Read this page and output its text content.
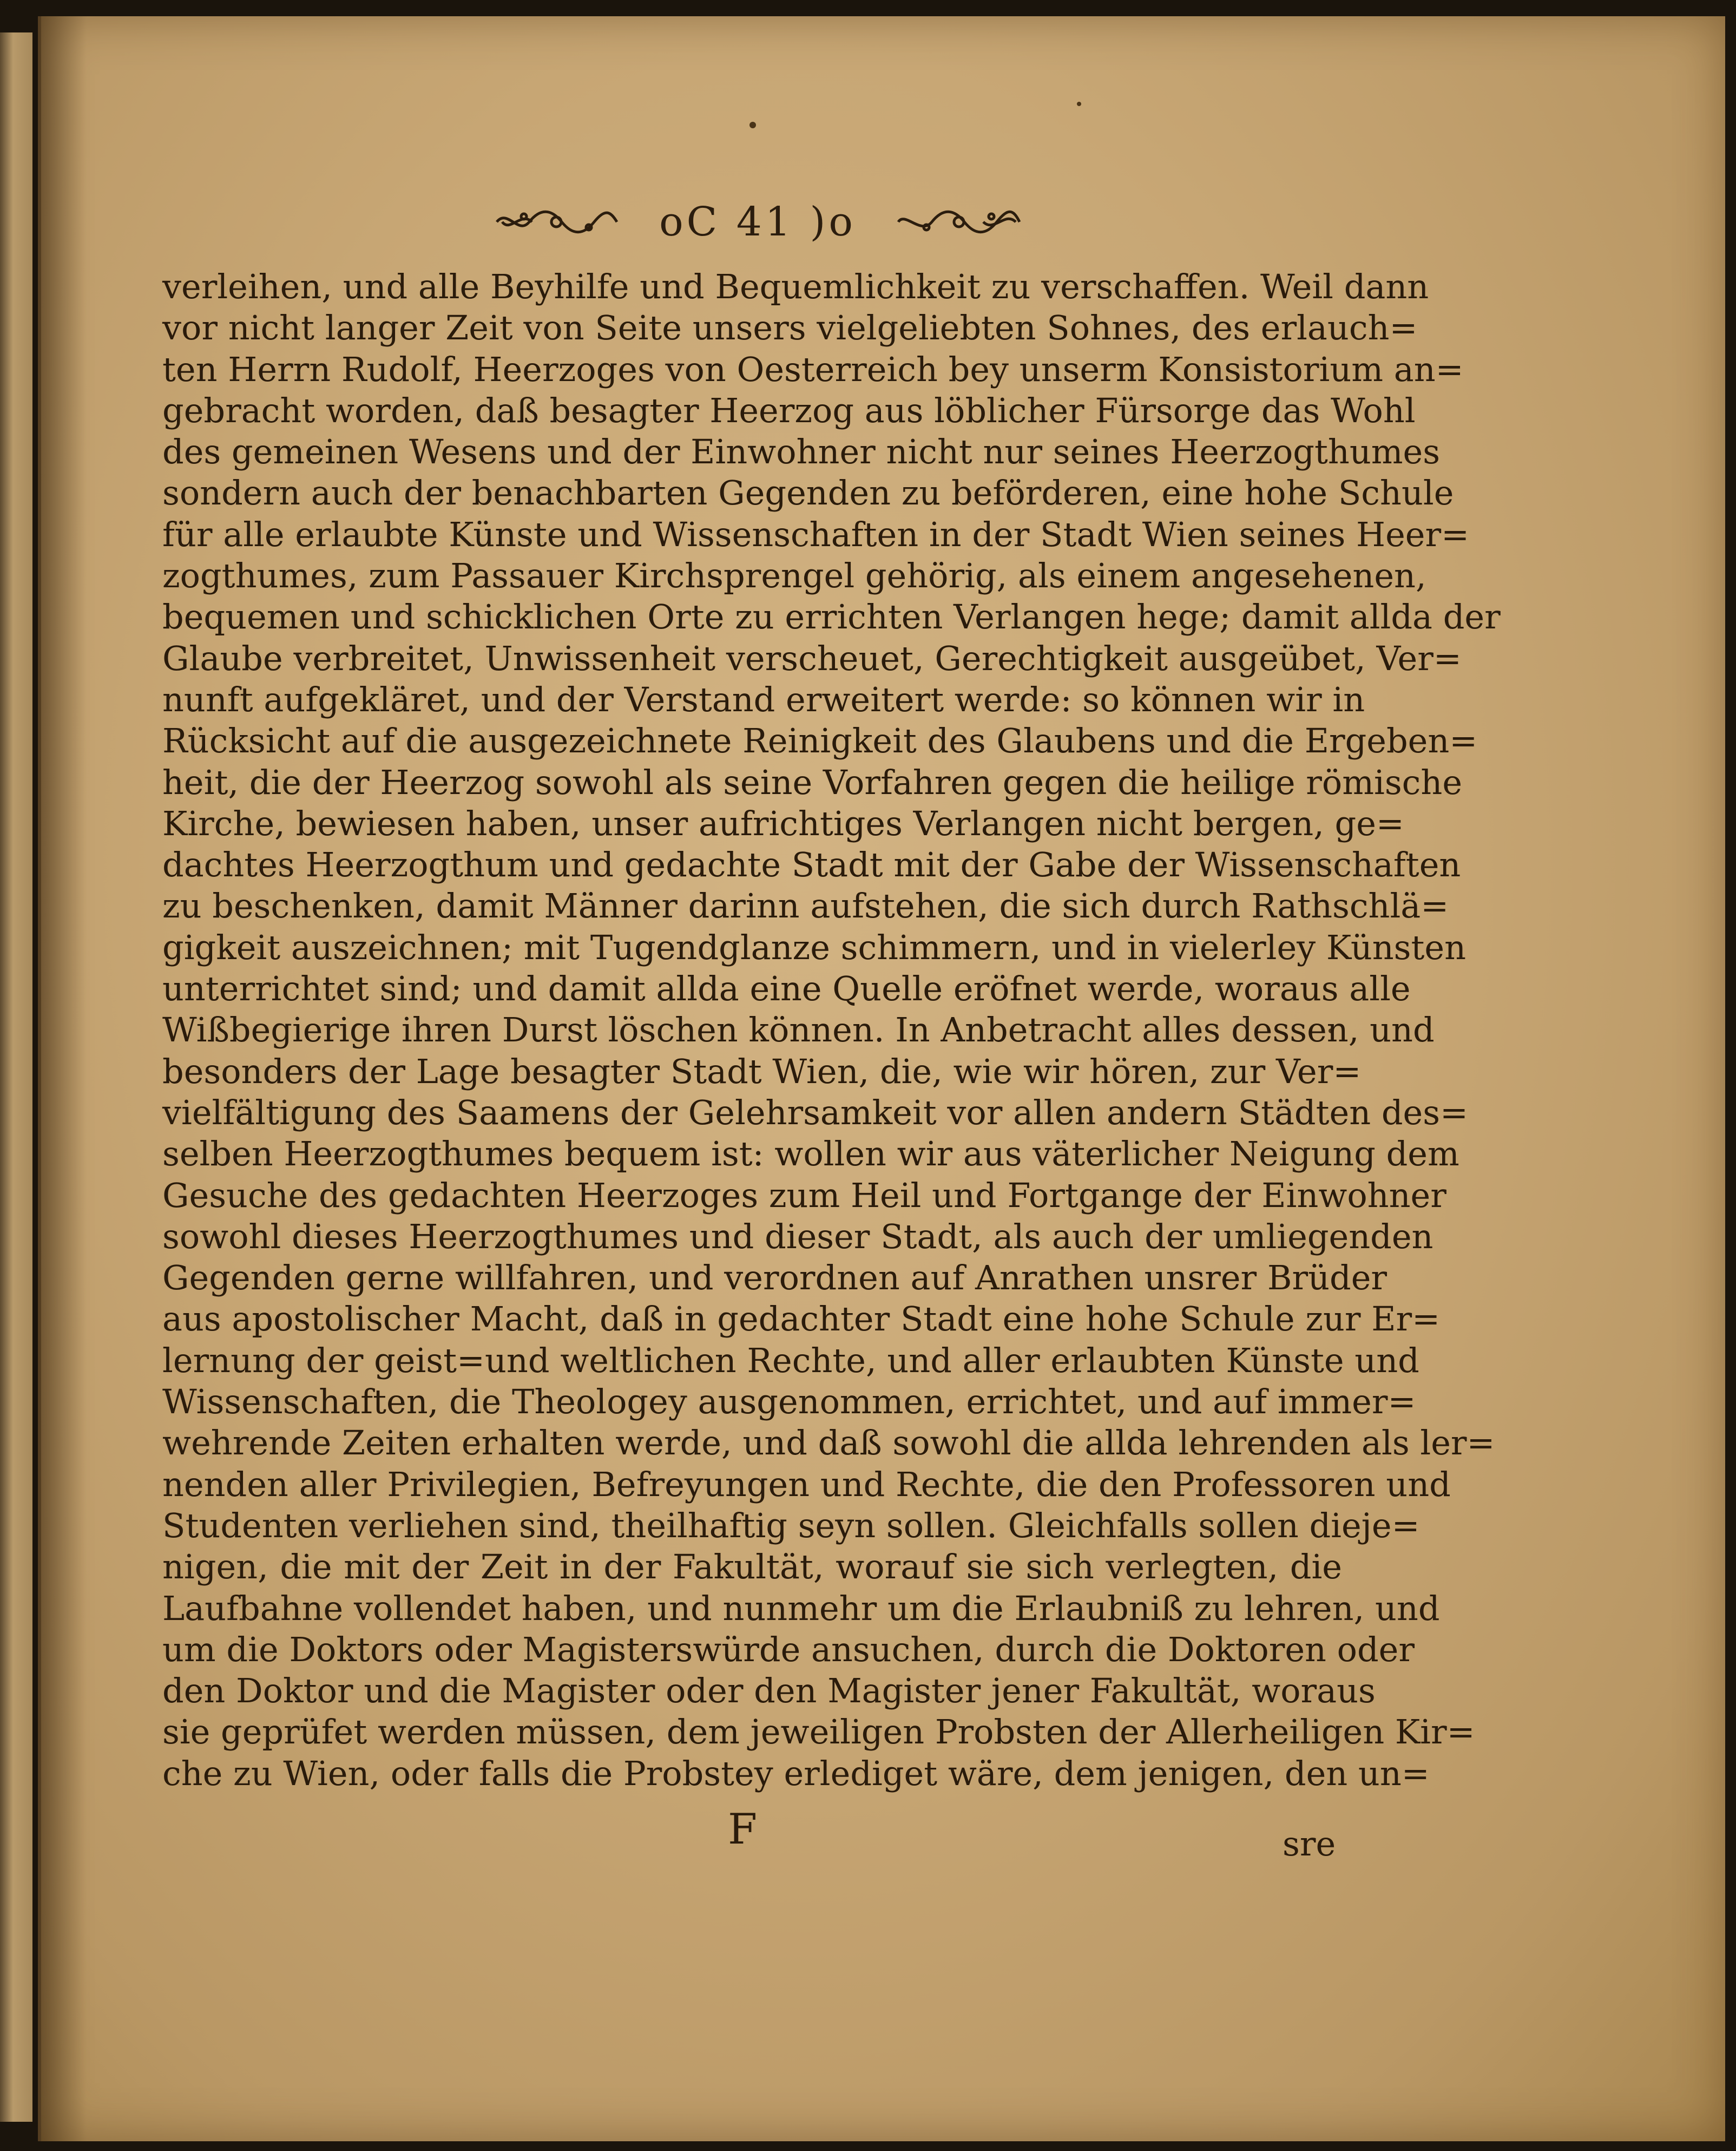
oC 41 )o
verleihen, und alle Beyhilfe und Bequemlichkeit zu verschaffen. Weil dann
vor nicht langer Zeit von Seite unsers vielgeliebten Sohnes, des erlauch=
ten Herrn Rudolf, Heerzoges von Oesterreich bey unserm Konsistorium an=
gebracht worden, daß besagter Heerzog aus löblicher Fürsorge das Wohl
des gemeinen Wesens und der Einwohner nicht nur seines Heerzogthumes
sondern auch der benachbarten Gegenden zu beförderen, eine hohe Schule
für alle erlaubte Künste und Wissenschaften in der Stadt Wien seines Heer=
zogthumes, zum Passauer Kirchsprengel gehörig, als einem angesehenen,
bequemen und schicklichen Orte zu errichten Verlangen hege; damit allda der
Glaube verbreitet, Unwissenheit verscheuet, Gerechtigkeit ausgeübet, Ver=
nunft aufgekläret, und der Verstand erweitert werde: so können wir in
Rücksicht auf die ausgezeichnete Reinigkeit des Glaubens und die Ergeben=
heit, die der Heerzog sowohl als seine Vorfahren gegen die heilige römische
Kirche, bewiesen haben, unser aufrichtiges Verlangen nicht bergen, ge=
dachtes Heerzogthum und gedachte Stadt mit der Gabe der Wissenschaften
zu beschenken, damit Männer darinn aufstehen, die sich durch Rathschlä=
gigkeit auszeichnen; mit Tugendglanze schimmern, und in vielerley Künsten
unterrichtet sind; und damit allda eine Quelle eröfnet werde, woraus alle
Wißbegierige ihren Durst löschen können. In Anbetracht alles dessen, und
besonders der Lage besagter Stadt Wien, die, wie wir hören, zur Ver=
vielfältigung des Saamens der Gelehrsamkeit vor allen andern Städten des=
selben Heerzogthumes bequem ist: wollen wir aus väterlicher Neigung dem
Gesuche des gedachten Heerzoges zum Heil und Fortgange der Einwohner
sowohl dieses Heerzogthumes und dieser Stadt, als auch der umliegenden
Gegenden gerne willfahren, und verordnen auf Anrathen unsrer Brüder
aus apostolischer Macht, daß in gedachter Stadt eine hohe Schule zur Er=
lernung der geist=und weltlichen Rechte, und aller erlaubten Künste und
Wissenschaften, die Theologey ausgenommen, errichtet, und auf immer=
wehrende Zeiten erhalten werde, und daß sowohl die allda lehrenden als ler=
nenden aller Privilegien, Befreyungen und Rechte, die den Professoren und
Studenten verliehen sind, theilhaftig seyn sollen. Gleichfalls sollen dieje=
nigen, die mit der Zeit in der Fakultät, worauf sie sich verlegten, die
Laufbahne vollendet haben, und nunmehr um die Erlaubniß zu lehren, und
um die Doktors oder Magisterswürde ansuchen, durch die Doktoren oder
den Doktor und die Magister oder den Magister jener Fakultät, woraus
sie geprüfet werden müssen, dem jeweiligen Probsten der Allerheiligen Kir=
che zu Wien, oder falls die Probstey erlediget wäre, dem jenigen, den un=
F	sre
